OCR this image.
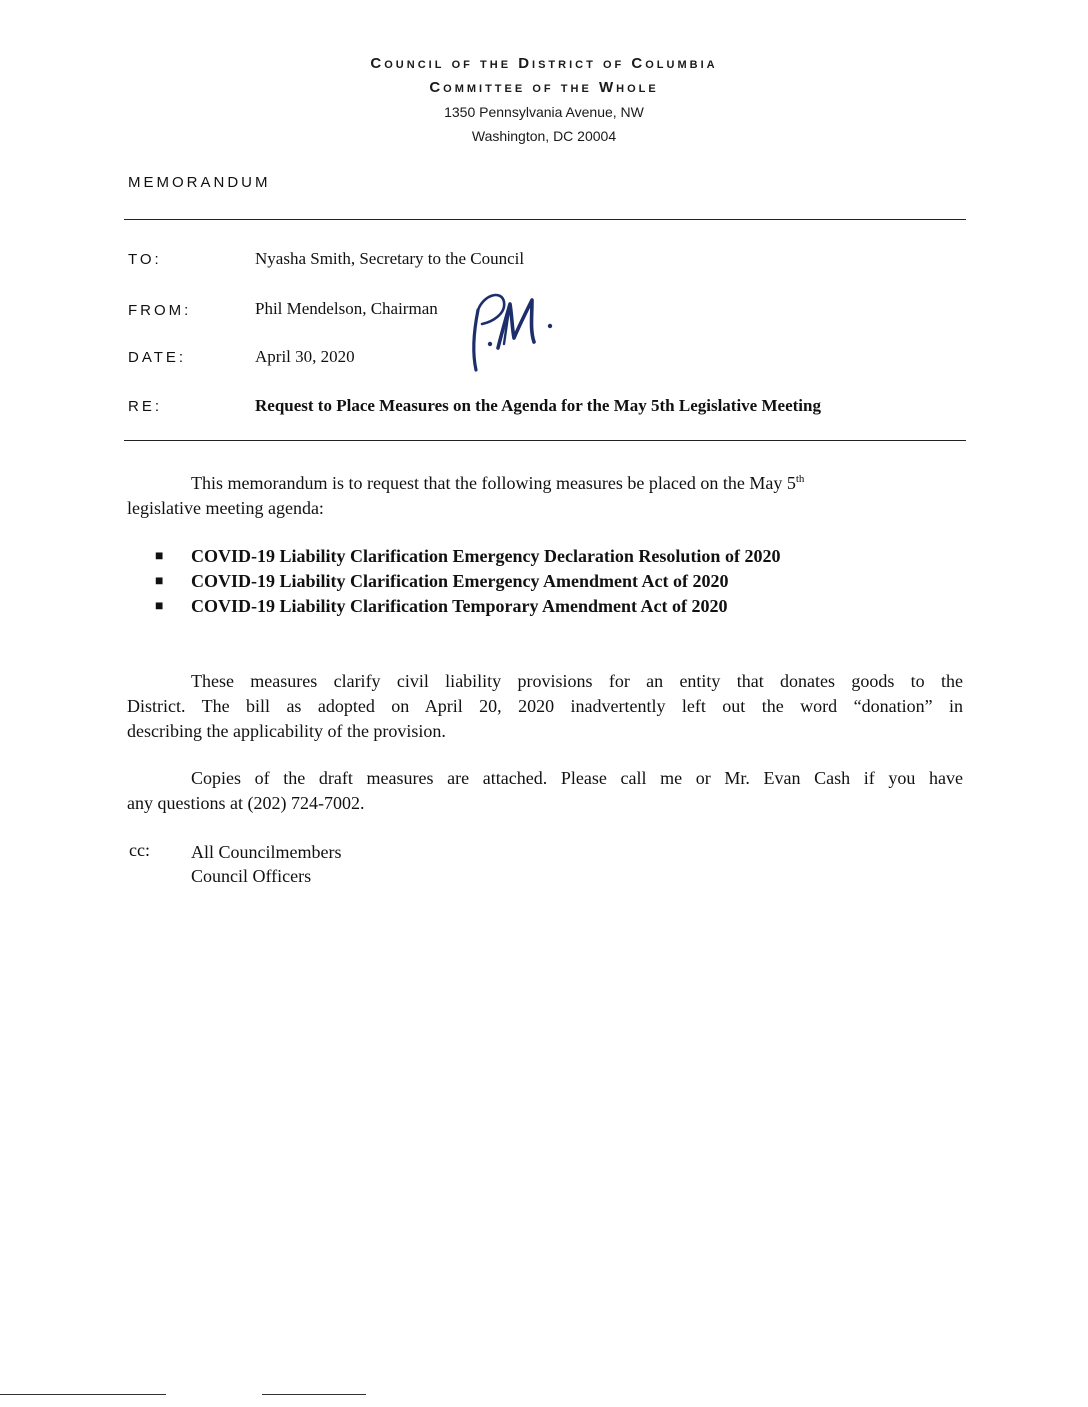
Council of the District of Columbia
Committee of the Whole
1350 Pennsylvania Avenue, NW
Washington, DC 20004
MEMORANDUM
TO:	Nyasha Smith, Secretary to the Council
FROM:	Phil Mendelson, Chairman
DATE:	April 30, 2020
RE:	Request to Place Measures on the Agenda for the May 5th Legislative Meeting
This memorandum is to request that the following measures be placed on the May 5th
legislative meeting agenda:
■	COVID-19 Liability Clarification Emergency Declaration Resolution of 2020
■	COVID-19 Liability Clarification Emergency Amendment Act of 2020
■	COVID-19 Liability Clarification Temporary Amendment Act of 2020
These measures clarify civil liability provisions for an entity that donates goods to the
District. The bill as adopted on April 20, 2020 inadvertently left out the word “donation” in
describing the applicability of the provision.
Copies of the draft measures are attached. Please call me or Mr. Evan Cash if you have
any questions at (202) 724-7002.
cc: All Councilmembers
Council Officers
